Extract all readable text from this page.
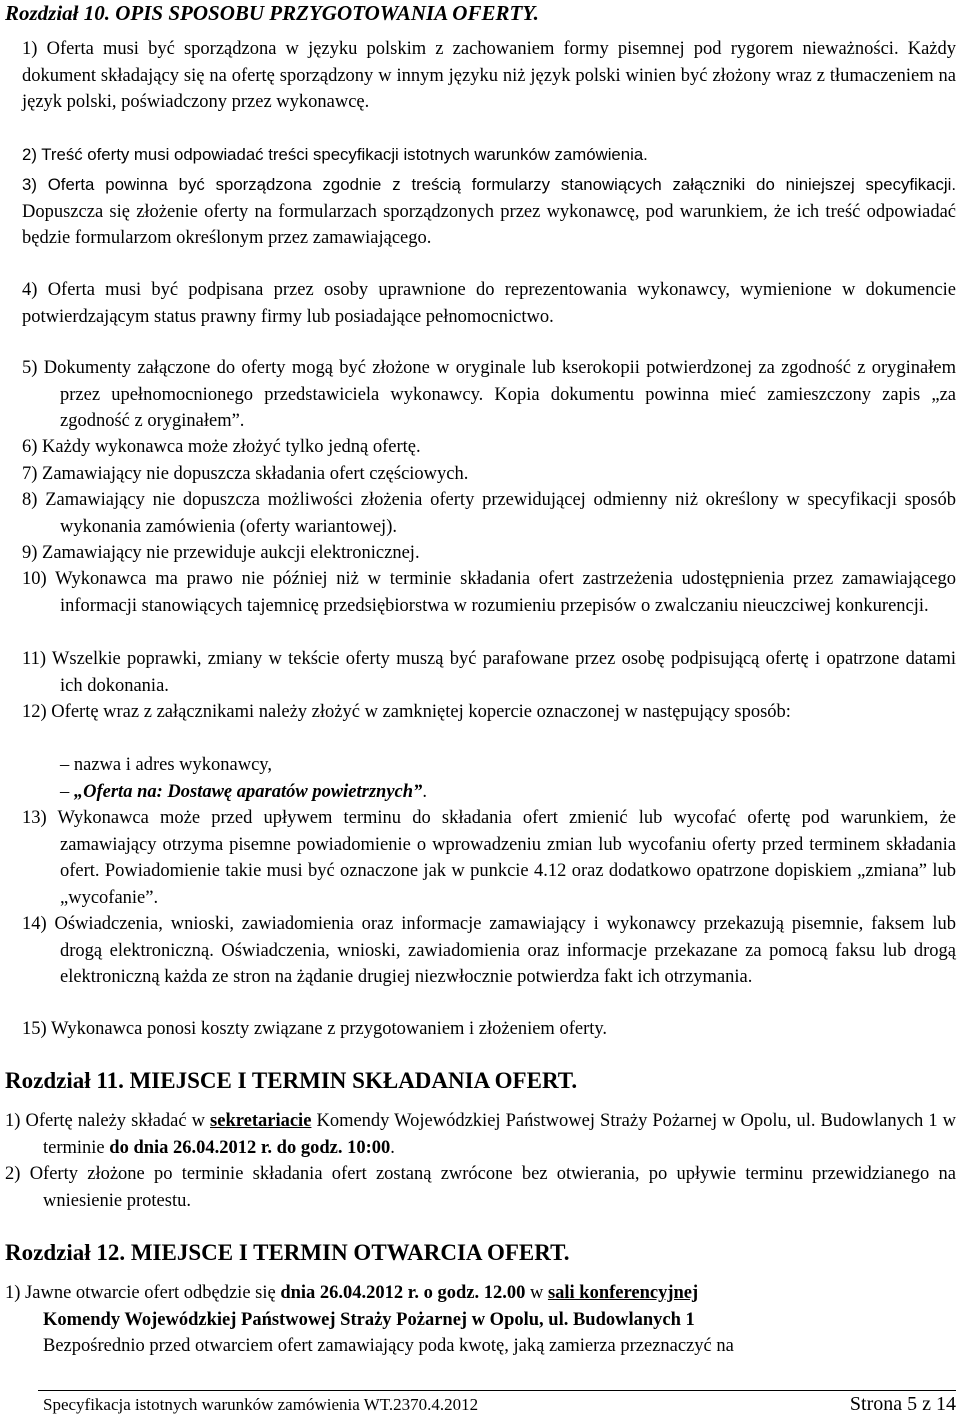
Rozdział 10. OPIS SPOSOBU PRZYGOTOWANIA OFERTY.
1) Oferta musi być sporządzona w języku polskim z zachowaniem formy pisemnej pod rygorem nieważności. Każdy dokument składający się na ofertę sporządzony w innym języku niż język polski winien być złożony wraz z tłumaczeniem na język polski, poświadczony przez wykonawcę.
2) Treść oferty musi odpowiadać treści specyfikacji istotnych warunków zamówienia.
3) Oferta powinna być sporządzona zgodnie z treścią formularzy stanowiących załączniki do niniejszej specyfikacji. Dopuszcza się złożenie oferty na formularzach sporządzonych przez wykonawcę, pod warunkiem, że ich treść odpowiadać będzie formularzom określonym przez zamawiającego.
4) Oferta musi być podpisana przez osoby uprawnione do reprezentowania wykonawcy, wymienione w dokumencie potwierdzającym status prawny firmy lub posiadające pełnomocnictwo.
5) Dokumenty załączone do oferty mogą być złożone w oryginale lub kserokopii potwierdzonej za zgodność z oryginałem przez upełnomocnionego przedstawiciela wykonawcy. Kopia dokumentu powinna mieć zamieszczony zapis „za zgodność z oryginałem”.
6) Każdy wykonawca może złożyć tylko jedną ofertę.
7) Zamawiający nie dopuszcza składania ofert częściowych.
8) Zamawiający nie dopuszcza możliwości złożenia oferty przewidującej odmienny niż określony w specyfikacji sposób wykonania zamówienia (oferty wariantowej).
9) Zamawiający nie przewiduje aukcji elektronicznej.
10) Wykonawca ma prawo nie później niż w terminie składania ofert zastrzeżenia udostępnienia przez zamawiającego informacji stanowiących tajemnicę przedsiębiorstwa w rozumieniu przepisów o zwalczaniu nieuczciwej konkurencji.
11) Wszelkie poprawki, zmiany w tekście oferty muszą być parafowane przez osobę podpisującą ofertę i opatrzone datami ich dokonania.
12) Ofertę wraz z załącznikami należy złożyć w zamkniętej kopercie oznaczonej w następujący sposób:
– nazwa i adres wykonawcy,
– „Oferta na: Dostawę aparatów powietrznych”.
13) Wykonawca może przed upływem terminu do składania ofert zmienić lub wycofać ofertę pod warunkiem, że zamawiający otrzyma pisemne powiadomienie o wprowadzeniu zmian lub wycofaniu oferty przed terminem składania ofert. Powiadomienie takie musi być oznaczone jak w punkcie 4.12 oraz dodatkowo opatrzone dopiskiem „zmiana” lub „wycofanie”.
14) Oświadczenia, wnioski, zawiadomienia oraz informacje zamawiający i wykonawcy przekazują pisemnie, faksem lub drogą elektroniczną. Oświadczenia, wnioski, zawiadomienia oraz informacje przekazane za pomocą faksu lub drogą elektroniczną każda ze stron na żądanie drugiej niezwłocznie potwierdza fakt ich otrzymania.
15) Wykonawca ponosi koszty związane z przygotowaniem i złożeniem oferty.
Rozdział 11. MIEJSCE I TERMIN SKŁADANIA OFERT.
1) Ofertę należy składać w sekretariacie Komendy Wojewódzkiej Państwowej Straży Pożarnej w Opolu, ul. Budowlanych 1 w terminie do dnia 26.04.2012 r. do godz. 10:00.
2) Oferty złożone po terminie składania ofert zostaną zwrócone bez otwierania, po upływie terminu przewidzianego na wniesienie protestu.
Rozdział 12. MIEJSCE I TERMIN OTWARCIA OFERT.
1) Jawne otwarcie ofert odbędzie się dnia 26.04.2012 r. o godz. 12.00 w sali konferencyjnej
Komendy Wojewódzkiej Państwowej Straży Pożarnej w Opolu, ul. Budowlanych 1
Bezpośrednio przed otwarciem ofert zamawiający poda kwotę, jaką zamierza przeznaczyć na
Specyfikacja istotnych warunków zamówienia WT.2370.4.2012	Strona 5 z 14
